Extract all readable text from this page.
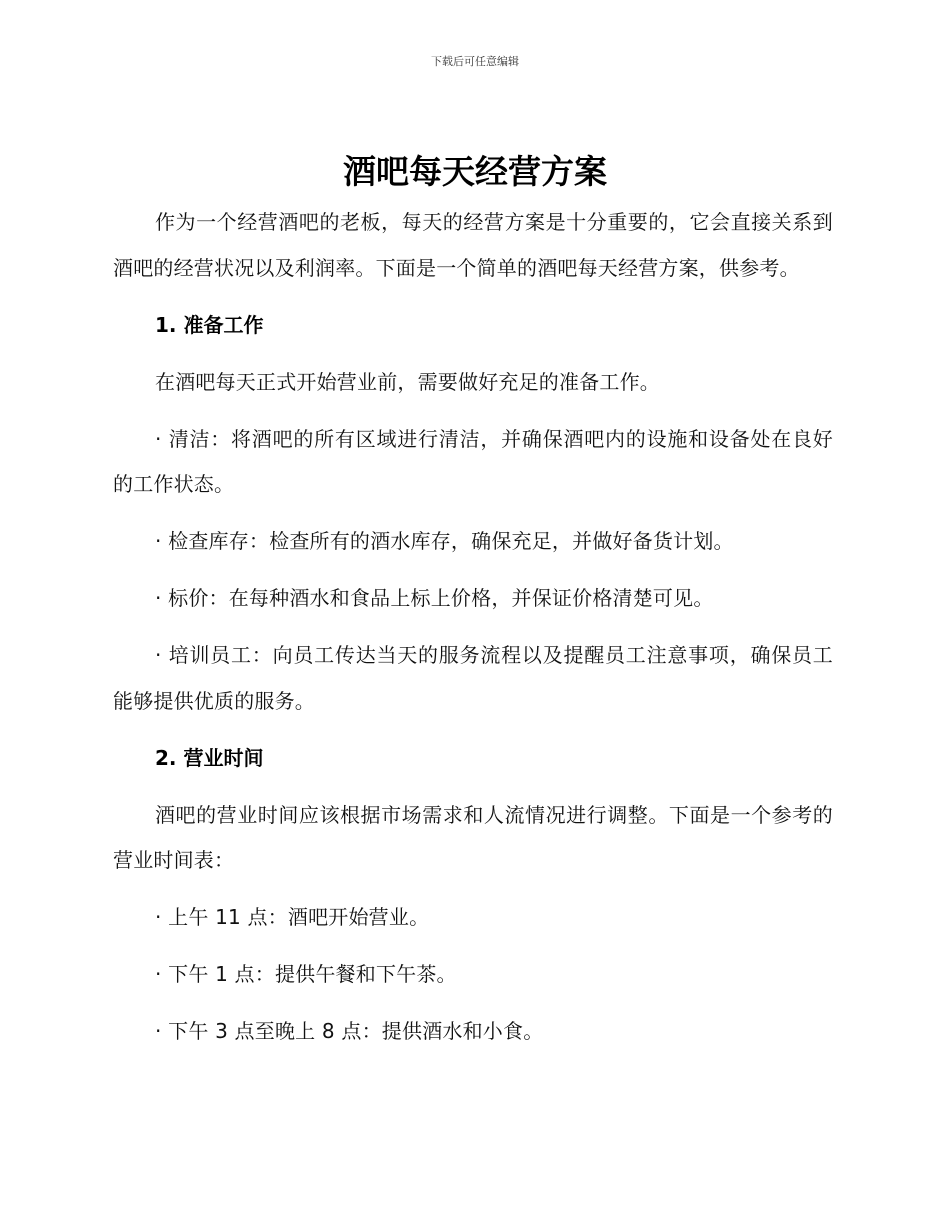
下载后可任意编辑
酒吧每天经营方案

作为一个经营酒吧的老板，每天的经营方案是十分重要的，它会直接关系到酒吧的经营状况以及利润率。下面是一个简单的酒吧每天经营方案，供参考。

1. 准备工作

在酒吧每天正式开始营业前，需要做好充足的准备工作。

· 清洁：将酒吧的所有区域进行清洁，并确保酒吧内的设施和设备处在良好的工作状态。

· 检查库存：检查所有的酒水库存，确保充足，并做好备货计划。

· 标价：在每种酒水和食品上标上价格，并保证价格清楚可见。

· 培训员工：向员工传达当天的服务流程以及提醒员工注意事项，确保员工能够提供优质的服务。

2. 营业时间

酒吧的营业时间应该根据市场需求和人流情况进行调整。下面是一个参考的营业时间表：

· 上午 11 点：酒吧开始营业。

· 下午 1 点：提供午餐和下午茶。

· 下午 3 点至晚上 8 点：提供酒水和小食。
